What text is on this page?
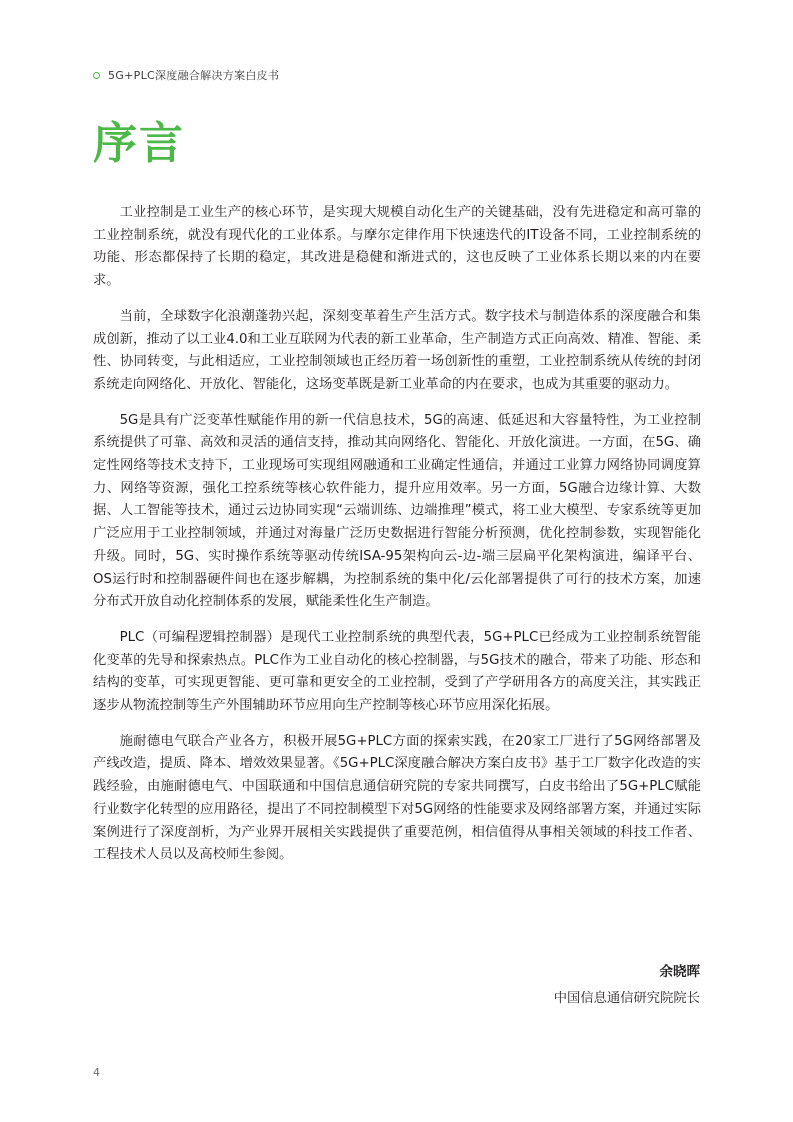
5G+PLC深度融合解决方案白皮书
序言

工业控制是工业生产的核心环节，是实现大规模自动化生产的关键基础，没有先进稳定和高可靠的工业控制系统，就没有现代化的工业体系。与摩尔定律作用下快速迭代的IT设备不同，工业控制系统的功能、形态都保持了长期的稳定，其改进是稳健和渐进式的，这也反映了工业体系长期以来的内在要求。

当前，全球数字化浪潮蓬勃兴起，深刻变革着生产生活方式。数字技术与制造体系的深度融合和集成创新，推动了以工业4.0和工业互联网为代表的新工业革命，生产制造方式正向高效、精准、智能、柔性、协同转变，与此相适应，工业控制领域也正经历着一场创新性的重塑，工业控制系统从传统的封闭系统走向网络化、开放化、智能化，这场变革既是新工业革命的内在要求，也成为其重要的驱动力。

5G是具有广泛变革性赋能作用的新一代信息技术，5G的高速、低延迟和大容量特性，为工业控制系统提供了可靠、高效和灵活的通信支持，推动其向网络化、智能化、开放化演进。一方面，在5G、确定性网络等技术支持下，工业现场可实现组网融通和工业确定性通信，并通过工业算力网络协同调度算力、网络等资源，强化工控系统等核心软件能力，提升应用效率。另一方面，5G融合边缘计算、大数据、人工智能等技术，通过云边协同实现“云端训练、边端推理”模式，将工业大模型、专家系统等更加广泛应用于工业控制领域，并通过对海量广泛历史数据进行智能分析预测，优化控制参数，实现智能化升级。同时，5G、实时操作系统等驱动传统ISA-95架构向云-边-端三层扁平化架构演进，编译平台、OS运行时和控制器硬件间也在逐步解耦，为控制系统的集中化/云化部署提供了可行的技术方案，加速分布式开放自动化控制体系的发展，赋能柔性化生产制造。

PLC（可编程逻辑控制器）是现代工业控制系统的典型代表，5G+PLC已经成为工业控制系统智能化变革的先导和探索热点。PLC作为工业自动化的核心控制器，与5G技术的融合，带来了功能、形态和结构的变革，可实现更智能、更可靠和更安全的工业控制，受到了产学研用各方的高度关注，其实践正逐步从物流控制等生产外围辅助环节应用向生产控制等核心环节应用深化拓展。

施耐德电气联合产业各方，积极开展5G+PLC方面的探索实践，在20家工厂进行了5G网络部署及产线改造，提质、降本、增效效果显著。《5G+PLC深度融合解决方案白皮书》基于工厂数字化改造的实践经验，由施耐德电气、中国联通和中国信息通信研究院的专家共同撰写，白皮书给出了5G+PLC赋能行业数字化转型的应用路径，提出了不同控制模型下对5G网络的性能要求及网络部署方案，并通过实际案例进行了深度剖析，为产业界开展相关实践提供了重要范例，相信值得从事相关领域的科技工作者、工程技术人员以及高校师生参阅。

余晓晖
中国信息通信研究院院长
4
